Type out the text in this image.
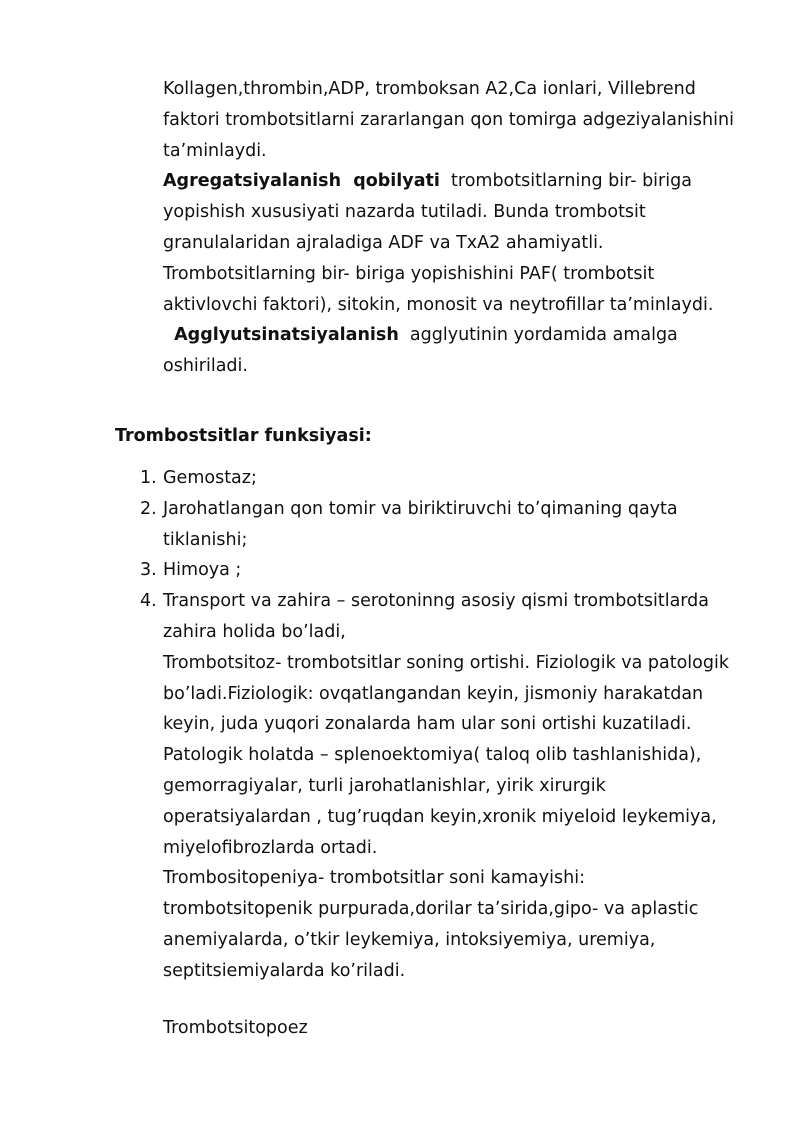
Kollagen,thrombin,ADP, tromboksan A2,Ca ionlari, Villebrend

faktori trombotsitlarni zararlangan qon tomirga adgeziyalanishini

taʼminlaydi.

Agregatsiyalanish  qobilyati  trombotsitlarning bir- biriga

yopishish xususiyati nazarda tutiladi. Bunda trombotsit

granulalaridan ajraladiga ADF va TxA2 ahamiyatli.

Trombotsitlarning bir- biriga yopishishini PAF( trombotsit

aktivlovchi faktori), sitokin, monosit va neytrofillar taʼminlaydi.

Agglyutsinatsiyalanish  agglyutinin yordamida amalga

oshiriladi.

Trombostsitlar funksiyasi:

1. Gemostaz;

2. Jarohatlangan qon tomir va biriktiruvchi toʼqimaning qayta

tiklanishi;

3. Himoya ;

4. Transport va zahira – serotoninng asosiy qismi trombotsitlarda

zahira holida boʼladi,

Trombotsitoz- trombotsitlar soning ortishi. Fiziologik va patologik

boʼladi.Fiziologik: ovqatlangandan keyin, jismoniy harakatdan

keyin, juda yuqori zonalarda ham ular soni ortishi kuzatiladi.

Patologik holatda – splenoektomiya( taloq olib tashlanishida),

gemorragiyalar, turli jarohatlanishlar, yirik xirurgik

operatsiyalardan , tugʼruqdan keyin,xronik miyeloid leykemiya,

miyelofibrozlarda ortadi.

Trombositopeniya- trombotsitlar soni kamayishi:

trombotsitopenik purpurada,dorilar taʼsirida,gipo- va aplastic

anemiyalarda, oʼtkir leykemiya, intoksiyemiya, uremiya,

septitsiemiyalarda koʼriladi.

Trombotsitopoez
